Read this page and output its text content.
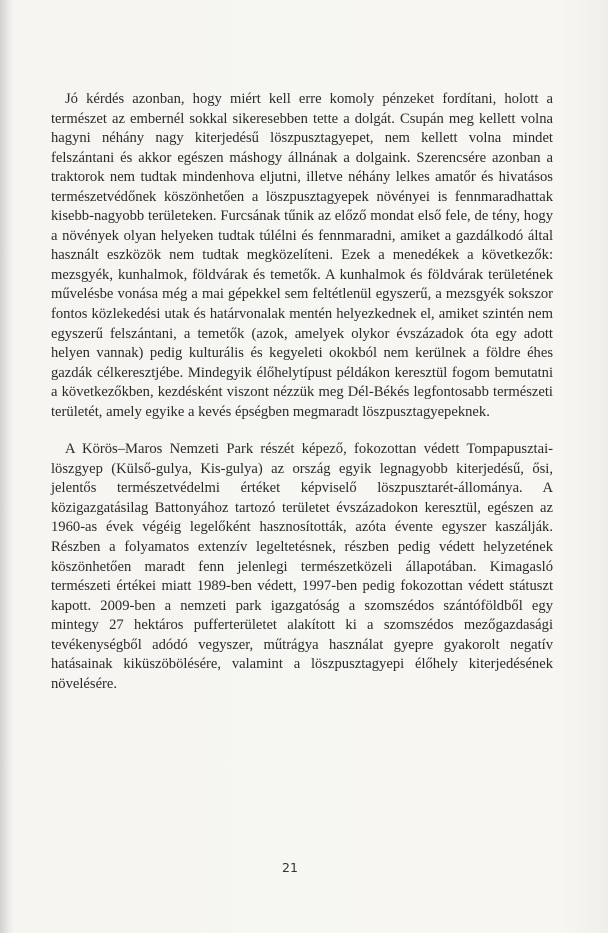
Jó kérdés azonban, hogy miért kell erre komoly pénzeket fordítani, holott a természet az embernél sokkal sikeresebben tette a dolgát. Csupán meg kellett volna hagyni néhány nagy kiterjedésű löszpusztagyepet, nem kellett volna mindet felszántani és akkor egészen máshogy állnának a dolgaink. Szerencsére azonban a traktorok nem tudtak mindenhova eljutni, illetve néhány lelkes amatőr és hivatásos természetvédőnek köszönhetően a löszpusztagyepek növényei is fennmaradhattak kisebb-nagyobb területeken. Furcsának tűnik az előző mondat első fele, de tény, hogy a növények olyan helyeken tudtak túlélni és fennmaradni, amiket a gazdálkodó által használt eszközök nem tudtak megközelíteni. Ezek a menedékek a következők: mezsgyék, kunhalmok, földvárak és temetők. A kunhalmok és földvárak területének művelésbe vonása még a mai gépekkel sem feltétlenül egyszerű, a mezsgyék sokszor fontos közlekedési utak és határvonalak mentén helyezkednek el, amiket szintén nem egyszerű felszántani, a temetők (azok, amelyek olykor évszázadok óta egy adott helyen vannak) pedig kulturális és kegyeleti okokból nem kerülnek a földre éhes gazdák célkeresztjébe. Mindegyik élőhelytípust példákon keresztül fogom bemutatni a következőkben, kezdésként viszont nézzük meg Dél-Békés legfontosabb természeti területét, amely egyike a kevés épségben megmaradt löszpusztagyepeknek.

A Körös–Maros Nemzeti Park részét képező, fokozottan védett Tompapusztai-löszgyep (Külső-gulya, Kis-gulya) az ország egyik legnagyobb kiterjedésű, ősi, jelentős természetvédelmi értéket képviselő löszpusztarét-állománya. A közigazgatásilag Battonyához tartozó területet évszázadokon keresztül, egészen az 1960-as évek végéig legelőként hasznosították, azóta évente egyszer kaszálják. Részben a folyamatos extenzív legeltetésnek, részben pedig védett helyzetének köszönhetően maradt fenn jelenlegi természetközeli állapotában. Kimagasló természeti értékei miatt 1989-ben védett, 1997-ben pedig fokozottan védett státuszt kapott. 2009-ben a nemzeti park igazgatóság a szomszédos szántóföldből egy mintegy 27 hektáros pufferterületet alakított ki a szomszédos mezőgazdasági tevékenységből adódó vegyszer, műtrágya használat gyepre gyakorolt negatív hatásainak kiküszöbölésére, valamint a löszpusztagyepi élőhely kiterjedésének növelésére.

21
